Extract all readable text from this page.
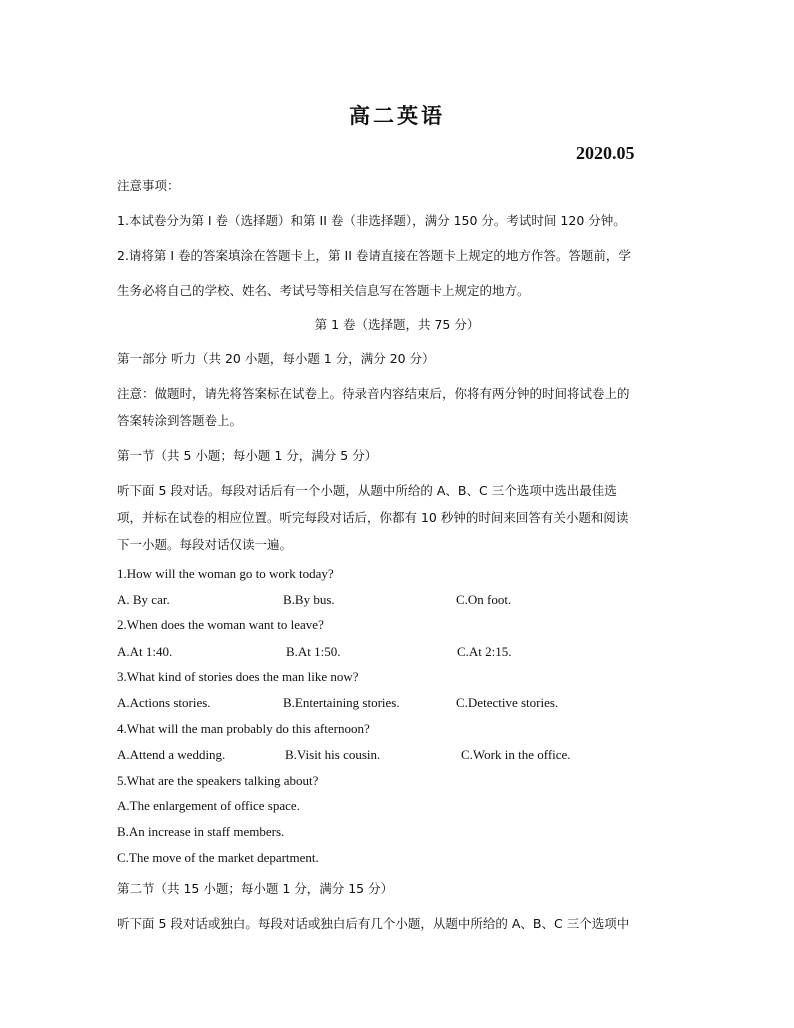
高二英语
2020.05
注意事项：
1.本试卷分为第 I 卷（选择题）和第 II 卷（非选择题），满分 150 分。考试时间 120 分钟。
2.请将第 I 卷的答案填涂在答题卡上，第 II 卷请直接在答题卡上规定的地方作答。答题前，学
生务必将自己的学校、姓名、考试号等相关信息写在答题卡上规定的地方。
第 1 卷（选择题，共 75 分）
第一部分 听力（共 20 小题，每小题 1 分，满分 20 分）
注意：做题时，请先将答案标在试卷上。待录音内容结束后，你将有两分钟的时间将试卷上的
答案转涂到答题卷上。
第一节（共 5 小题；每小题 1 分，满分 5 分）
听下面 5 段对话。每段对话后有一个小题，从题中所给的 A、B、C 三个选项中选出最佳选
项，并标在试卷的相应位置。听完每段对话后，你都有 10 秒钟的时间来回答有关小题和阅读
下一小题。每段对话仅读一遍。
1.How will the woman go to work today?
A. By car.	B.By bus.	C.On foot.
2.When does the woman want to leave?
A.At 1:40.	B.At 1:50.	C.At 2:15.
3.What kind of stories does the man like now?
A.Actions stories.	B.Entertaining stories.	C.Detective stories.
4.What will the man probably do this afternoon?
A.Attend a wedding.	B.Visit his cousin.	C.Work in the office.
5.What are the speakers talking about?
A.The enlargement of office space.
B.An increase in staff members.
C.The move of the market department.
第二节（共 15 小题；每小题 1 分，满分 15 分）
听下面 5 段对话或独白。每段对话或独白后有几个小题，从题中所给的 A、B、C 三个选项中
